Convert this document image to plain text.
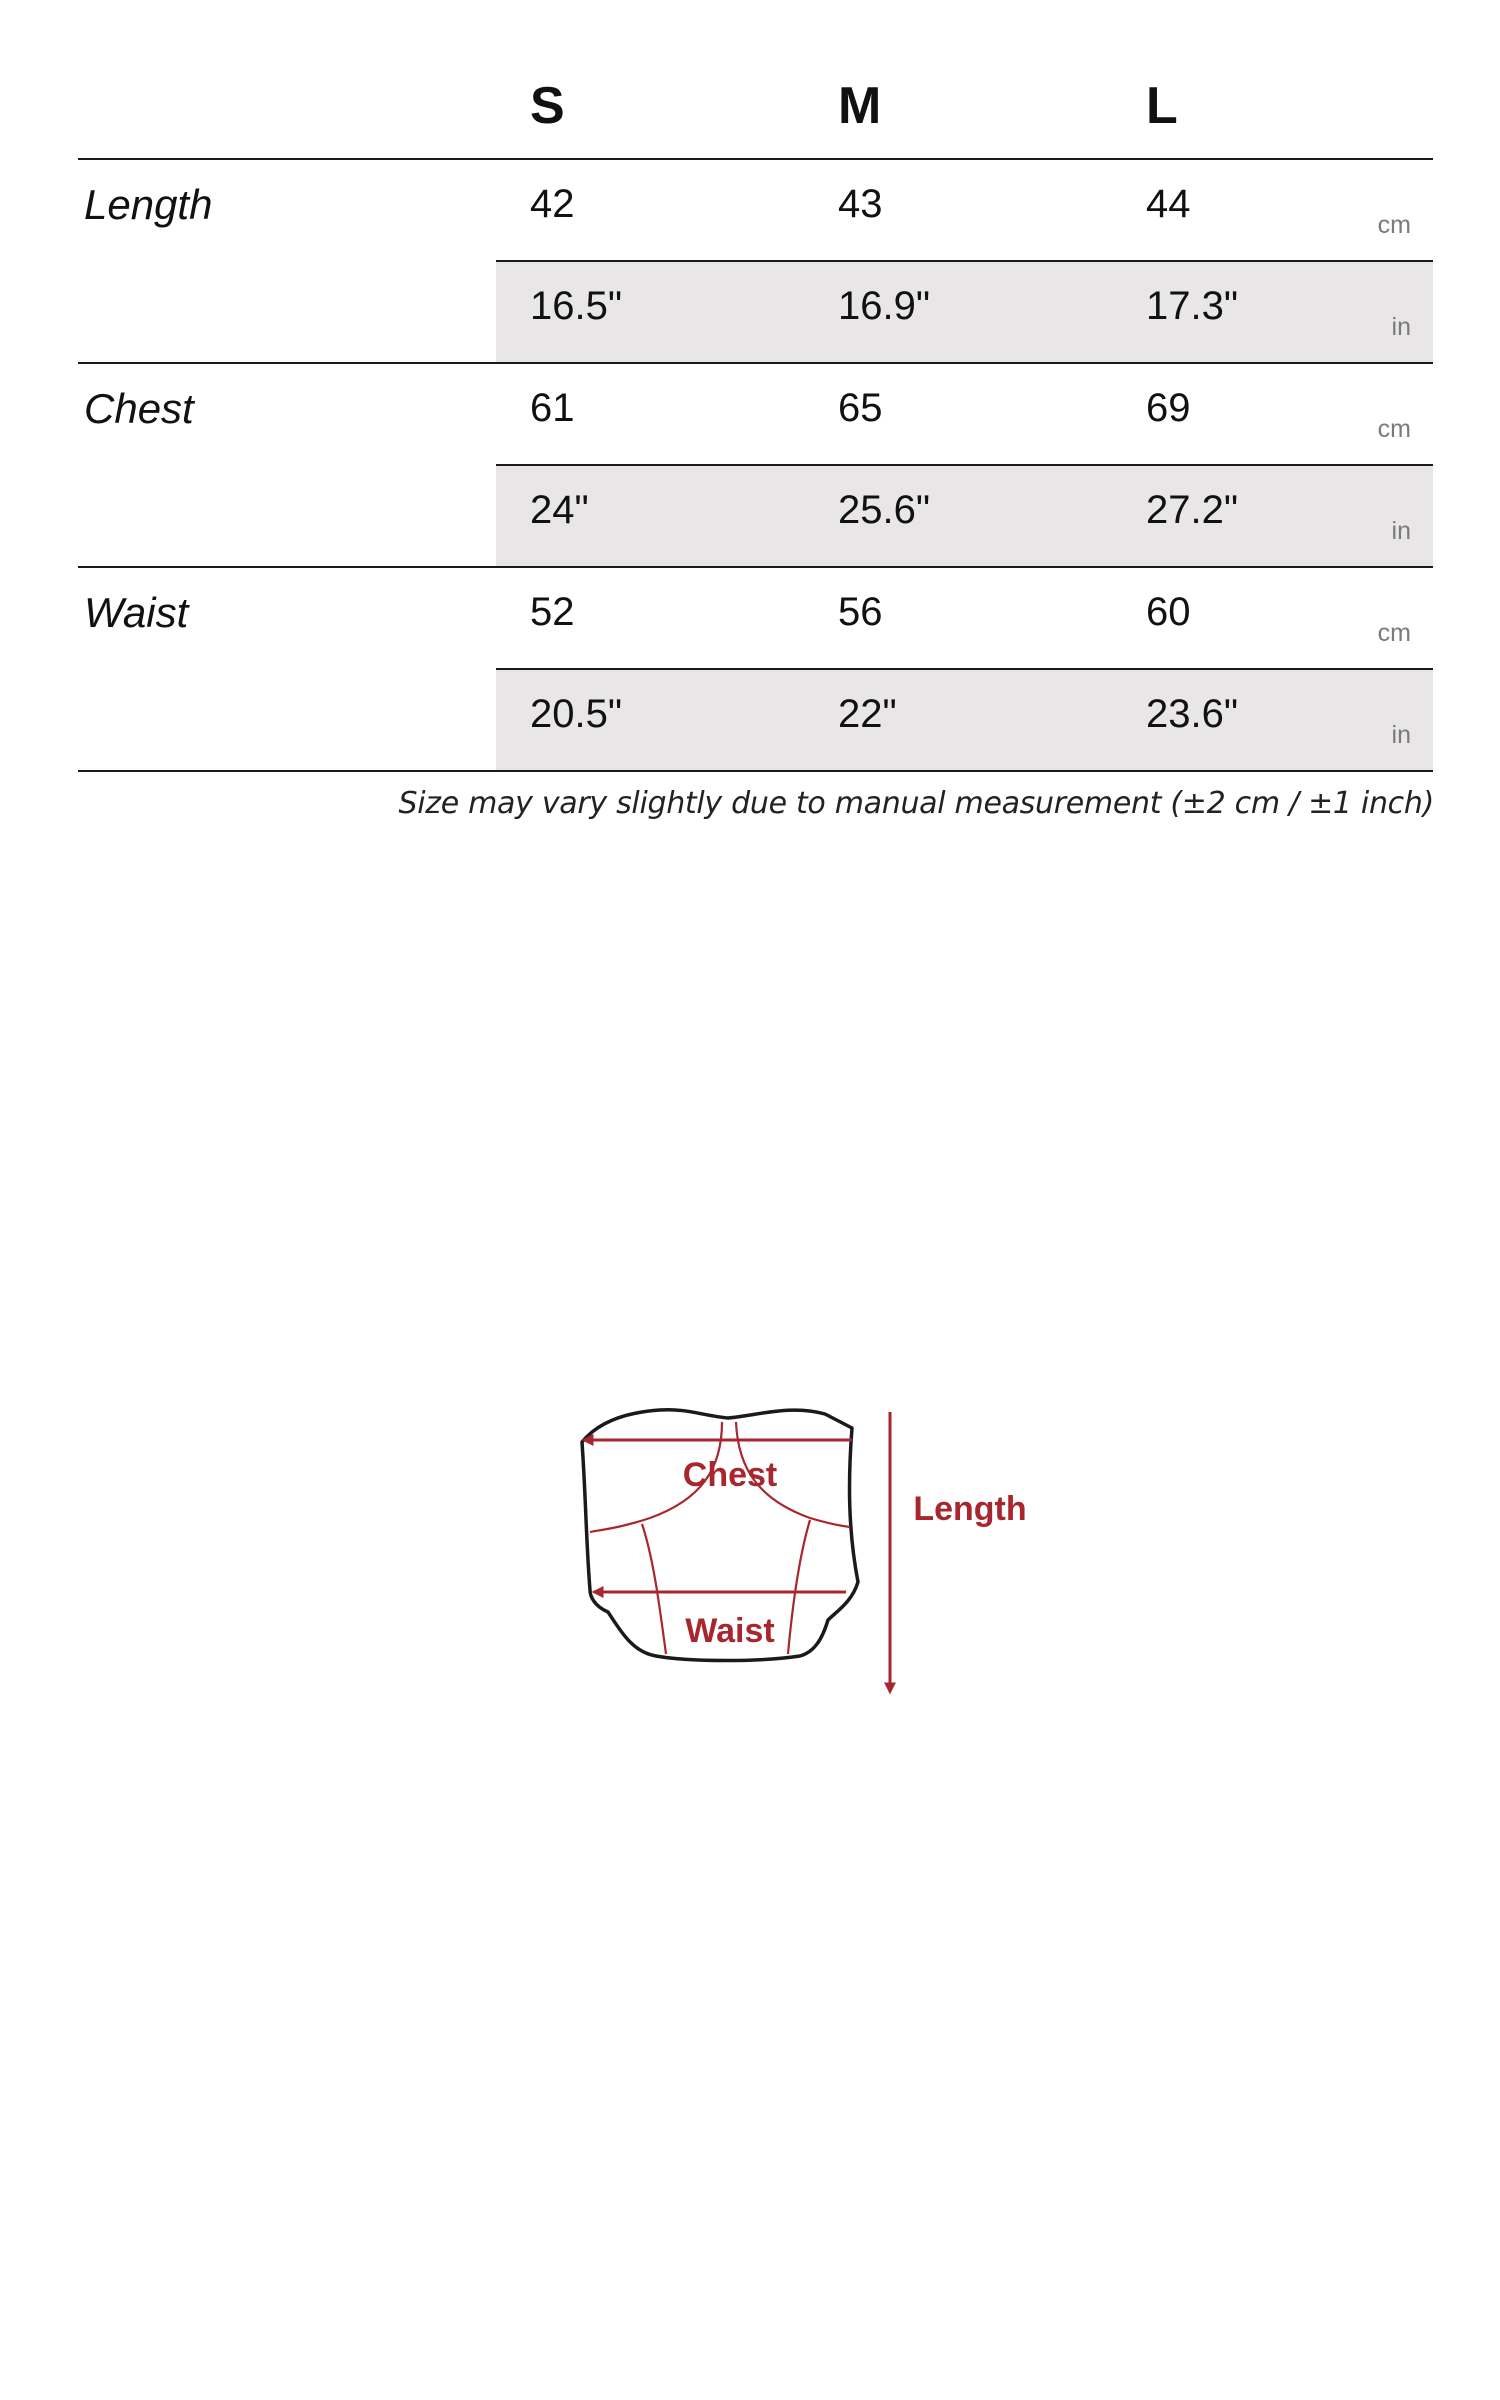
S	M	L
Length	42	43	44	cm
16.5"	16.9"	17.3"	in
Chest	61	65	69	cm
24"	25.6"	27.2"	in
Waist	52	56	60	cm
20.5"	22"	23.6"	in
Size may vary slightly due to manual measurement (±2 cm / ±1 inch)
Chest
Waist
Length
